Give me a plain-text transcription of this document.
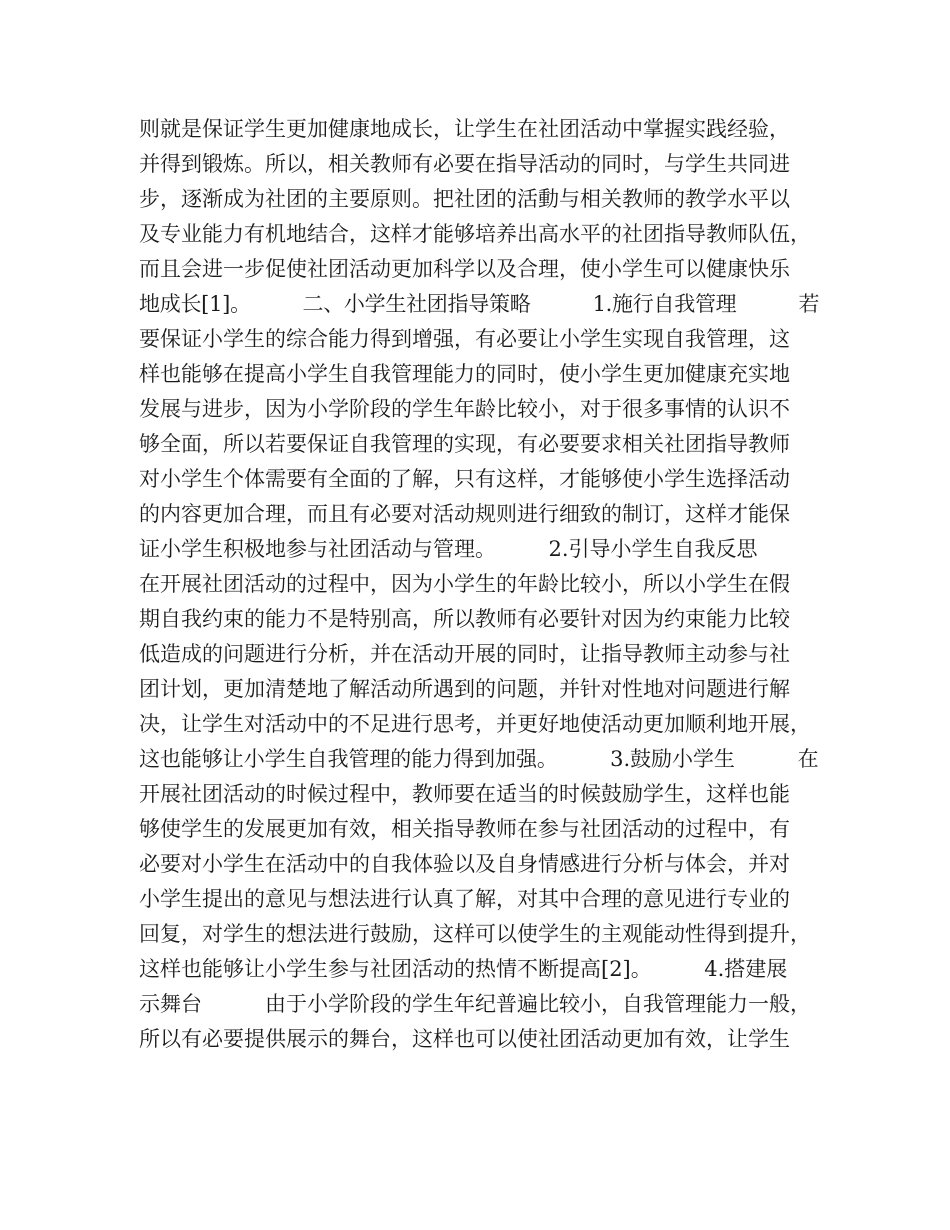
则就是保证学生更加健康地成长，让学生在社团活动中掌握实践经验，
并得到锻炼。所以，相关教师有必要在指导活动的同时，与学生共同进
步，逐渐成为社团的主要原则。把社团的活動与相关教师的教学水平以
及专业能力有机地结合，这样才能够培养出高水平的社团指导教师队伍，
而且会进一步促使社团活动更加科学以及合理，使小学生可以健康快乐
地成长[1]。　　　二、小学生社团指导策略　　　1.施行自我管理　　　若
要保证小学生的综合能力得到增强，有必要让小学生实现自我管理，这
样也能够在提高小学生自我管理能力的同时，使小学生更加健康充实地
发展与进步，因为小学阶段的学生年龄比较小，对于很多事情的认识不
够全面，所以若要保证自我管理的实现，有必要要求相关社团指导教师
对小学生个体需要有全面的了解，只有这样，才能够使小学生选择活动
的内容更加合理，而且有必要对活动规则进行细致的制订，这样才能保
证小学生积极地参与社团活动与管理。　　　2.引导小学生自我反思
在开展社团活动的过程中，因为小学生的年龄比较小，所以小学生在假
期自我约束的能力不是特别高，所以教师有必要针对因为约束能力比较
低造成的问题进行分析，并在活动开展的同时，让指导教师主动参与社
团计划，更加清楚地了解活动所遇到的问题，并针对性地对问题进行解
决，让学生对活动中的不足进行思考，并更好地使活动更加顺利地开展，
这也能够让小学生自我管理的能力得到加强。　　　3.鼓励小学生　　　在
开展社团活动的时候过程中，教师要在适当的时候鼓励学生，这样也能
够使学生的发展更加有效，相关指导教师在参与社团活动的过程中，有
必要对小学生在活动中的自我体验以及自身情感进行分析与体会，并对
小学生提出的意见与想法进行认真了解，对其中合理的意见进行专业的
回复，对学生的想法进行鼓励，这样可以使学生的主观能动性得到提升，
这样也能够让小学生参与社团活动的热情不断提高[2]。　　　4.搭建展
示舞台　　　由于小学阶段的学生年纪普遍比较小，自我管理能力一般，
所以有必要提供展示的舞台，这样也可以使社团活动更加有效，让学生
